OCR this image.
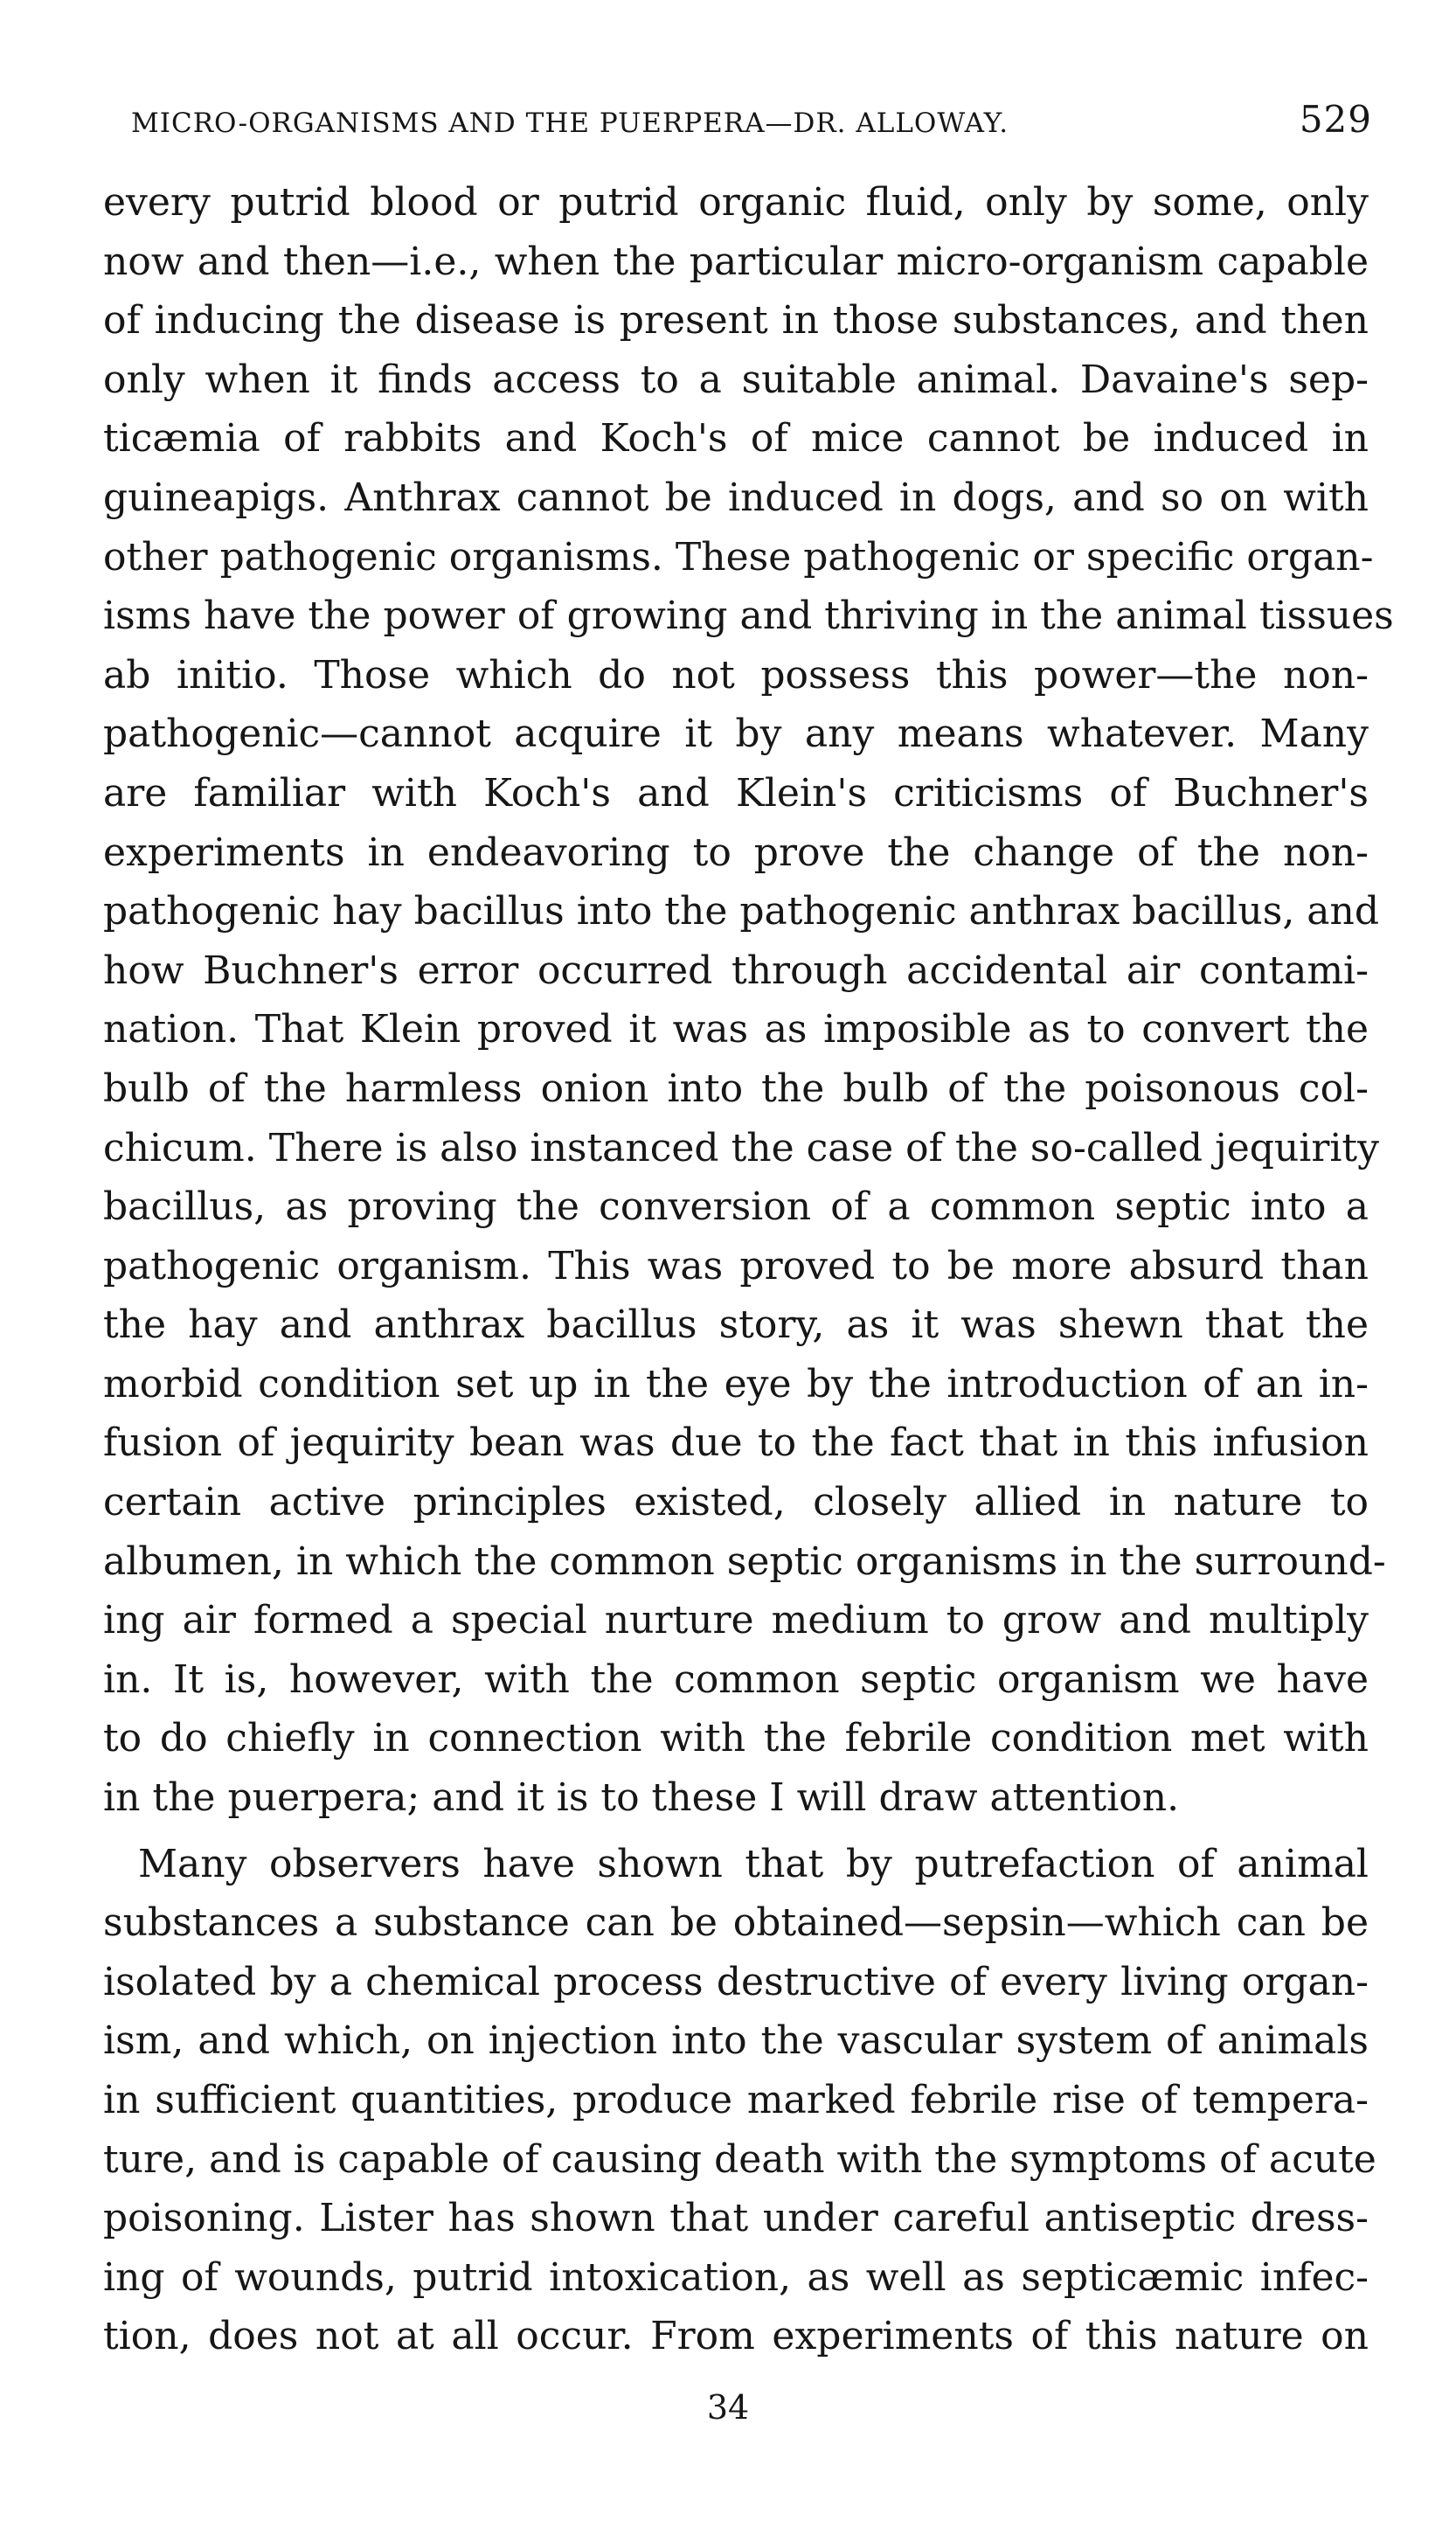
MICRO-ORGANISMS AND THE PUERPERA—DR. ALLOWAY.	529
every putrid blood or putrid organic fluid, only by some, only
now and then—i.e., when the particular micro-organism capable
of inducing the disease is present in those substances, and then
only when it finds access to a suitable animal. Davaine's sep-
ticæmia of rabbits and Koch's of mice cannot be induced in
guineapigs. Anthrax cannot be induced in dogs, and so on with
other pathogenic organisms. These pathogenic or specific organ-
isms have the power of growing and thriving in the animal tissues
ab initio. Those which do not possess this power—the non-
pathogenic—cannot acquire it by any means whatever. Many
are familiar with Koch's and Klein's criticisms of Buchner's
experiments in endeavoring to prove the change of the non-
pathogenic hay bacillus into the pathogenic anthrax bacillus, and
how Buchner's error occurred through accidental air contami-
nation. That Klein proved it was as imposible as to convert the
bulb of the harmless onion into the bulb of the poisonous col-
chicum. There is also instanced the case of the so-called jequirity
bacillus, as proving the conversion of a common septic into a
pathogenic organism. This was proved to be more absurd than
the hay and anthrax bacillus story, as it was shewn that the
morbid condition set up in the eye by the introduction of an in-
fusion of jequirity bean was due to the fact that in this infusion
certain active principles existed, closely allied in nature to
albumen, in which the common septic organisms in the surround-
ing air formed a special nurture medium to grow and multiply
in. It is, however, with the common septic organism we have
to do chiefly in connection with the febrile condition met with
in the puerpera; and it is to these I will draw attention.
Many observers have shown that by putrefaction of animal
substances a substance can be obtained—sepsin—which can be
isolated by a chemical process destructive of every living organ-
ism, and which, on injection into the vascular system of animals
in sufficient quantities, produce marked febrile rise of tempera-
ture, and is capable of causing death with the symptoms of acute
poisoning. Lister has shown that under careful antiseptic dress-
ing of wounds, putrid intoxication, as well as septicæmic infec-
tion, does not at all occur. From experiments of this nature on
34
